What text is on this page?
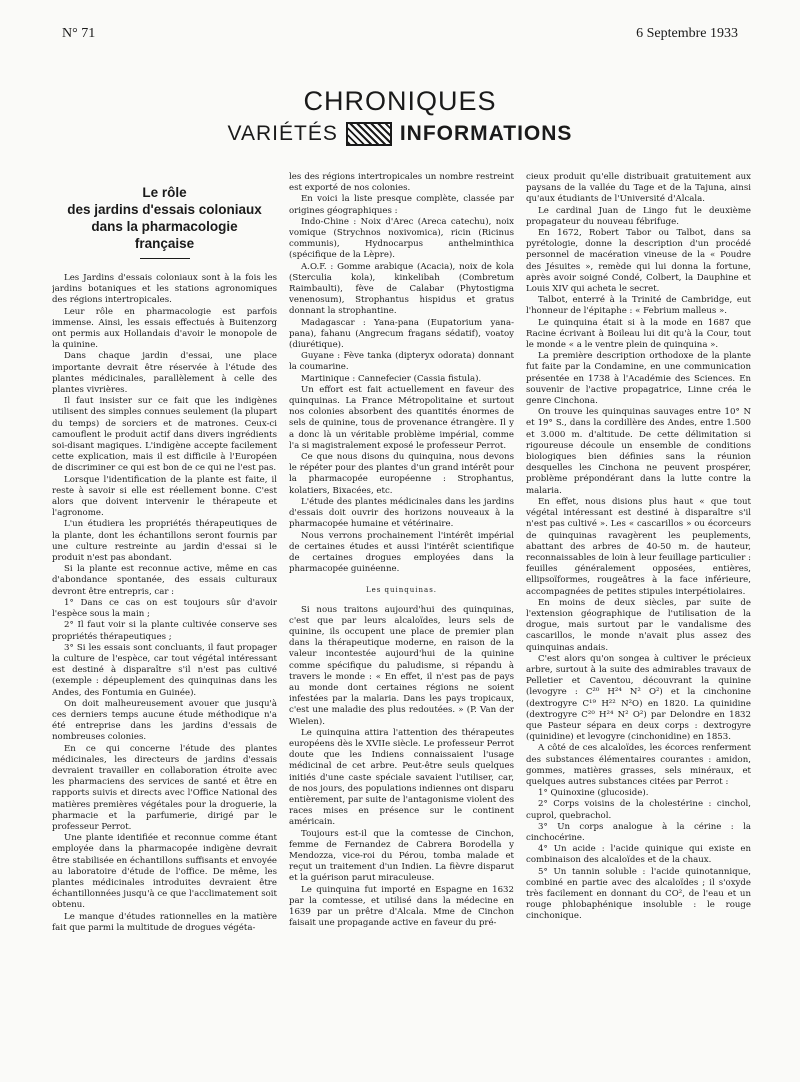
N° 71	6 Septembre 1933
CHRONIQUES
VARIÉTÉS	INFORMATIONS
Le rôle
des jardins d'essais coloniaux
dans la pharmacologie
française

Les Jardins d'essais coloniaux sont à la fois les jardins botaniques et les stations agronomiques des régions intertropicales.

Leur rôle en pharmacologie est parfois immense. Ainsi, les essais effectués à Buitenzorg ont permis aux Hollandais d'avoir le monopole de la quinine.

Dans chaque jardin d'essai, une place importante devrait être réservée à l'étude des plantes médicinales, parallèlement à celle des plantes vivrières.

Il faut insister sur ce fait que les indigènes utilisent des simples connues seulement (la plupart du temps) de sorciers et de matrones. Ceux-ci camouflent le produit actif dans divers ingrédients soi-disant magiques. L'indigène accepte facilement cette explication, mais il est difficile à l'Européen de discriminer ce qui est bon de ce qui ne l'est pas.

Lorsque l'identification de la plante est faite, il reste à savoir si elle est réellement bonne. C'est alors que doivent intervenir le thérapeute et l'agronome.

L'un étudiera les propriétés thérapeutiques de la plante, dont les échantillons seront fournis par une culture restreinte au jardin d'essai si le produit n'est pas abondant.

Si la plante est reconnue active, même en cas d'abondance spontanée, des essais culturaux devront être entrepris, car :

1° Dans ce cas on est toujours sûr d'avoir l'espèce sous la main ;

2° Il faut voir si la plante cultivée conserve ses propriétés thérapeutiques ;

3° Si les essais sont concluants, il faut propager la culture de l'espèce, car tout végétal intéressant est destiné à disparaître s'il n'est pas cultivé (exemple : dépeuplement des quinquinas dans les Andes, des Fontumia en Guinée).

On doit malheureusement avouer que jusqu'à ces derniers temps aucune étude méthodique n'a été entreprise dans les jardins d'essais de nombreuses colonies.

En ce qui concerne l'étude des plantes médicinales, les directeurs de jardins d'essais devraient travailler en collaboration étroite avec les pharmaciens des services de santé et être en rapports suivis et directs avec l'Office National des matières premières végétales pour la droguerie, la pharmacie et la parfumerie, dirigé par le professeur Perrot.

Une plante identifiée et reconnue comme étant employée dans la pharmacopée indigène devrait être stabilisée en échantillons suffisants et envoyée au laboratoire d'étude de l'office. De même, les plantes médicinales introduites devraient être échantillonnées jusqu'à ce que l'acclimatement soit obtenu.

Le manque d'études rationnelles en la matière fait que parmi la multitude de drogues végéta-

les des régions intertropicales un nombre restreint est exporté de nos colonies.

En voici la liste presque complète, classée par origines géographiques :

Indo-Chine : Noix d'Arec (Areca catechu), noix vomique (Strychnos noxivomica), ricin (Ricinus communis), Hydnocarpus anthelminthica (spécifique de la Lèpre).

A.O.F. : Gomme arabique (Acacia), noix de kola (Sterculia kola), kinkelibah (Combretum Raimbaulti), fève de Calabar (Phytostigma venenosum), Strophantus hispidus et gratus donnant la strophantine.

Madagascar : Yana-pana (Eupatorium yana-pana), fahanu (Angrecum fragans sédatif), voatoy (diurétique).

Guyane : Fève tanka (dipteryx odorata) donnant la coumarine.

Martinique : Cannefecier (Cassia fistula).

Un effort est fait actuellement en faveur des quinquinas. La France Métropolitaine et surtout nos colonies absorbent des quantités énormes de sels de quinine, tous de provenance étrangère. Il y a donc là un véritable problème impérial, comme l'a si magistralement exposé le professeur Perrot.

Ce que nous disons du quinquina, nous devons le répéter pour des plantes d'un grand intérêt pour la pharmacopée européenne : Strophantus, kolatiers, Bixacées, etc.

L'étude des plantes médicinales dans les jardins d'essais doit ouvrir des horizons nouveaux à la pharmacopée humaine et vétérinaire.

Nous verrons prochainement l'intérêt impérial de certaines études et aussi l'intérêt scientifique de certaines drogues employées dans la pharmacopée guinéenne.

Les quinquinas.

Si nous traitons aujourd'hui des quinquinas, c'est que par leurs alcaloïdes, leurs sels de quinine, ils occupent une place de premier plan dans la thérapeutique moderne, en raison de la valeur incontestée aujourd'hui de la quinine comme spécifique du paludisme, si répandu à travers le monde : « En effet, il n'est pas de pays au monde dont certaines régions ne soient infestées par la malaria. Dans les pays tropicaux, c'est une maladie des plus redoutées. » (P. Van der Wielen).

Le quinquina attira l'attention des thérapeutes européens dès le XVIIe siècle. Le professeur Perrot doute que les Indiens connaissaient l'usage médicinal de cet arbre. Peut-être seuls quelques initiés d'une caste spéciale savaient l'utiliser, car, de nos jours, des populations indiennes ont disparu entièrement, par suite de l'antagonisme violent des races mises en présence sur le continent américain.

Toujours est-il que la comtesse de Cinchon, femme de Fernandez de Cabrera Borodella y Mendozza, vice-roi du Pérou, tomba malade et reçut un traitement d'un Indien. La fièvre disparut et la guérison parut miraculeuse.

Le quinquina fut importé en Espagne en 1632 par la comtesse, et utilisé dans la médecine en 1639 par un prêtre d'Alcala. Mme de Cinchon faisait une propagande active en faveur du pré-

cieux produit qu'elle distribuait gratuitement aux paysans de la vallée du Tage et de la Tajuna, ainsi qu'aux étudiants de l'Université d'Alcala.

Le cardinal Juan de Lingo fut le deuxième propagateur du nouveau fébrifuge.

En 1672, Robert Tabor ou Talbot, dans sa pyrétologie, donne la description d'un procédé personnel de macération vineuse de la « Poudre des Jésuites », remède qui lui donna la fortune, après avoir soigné Condé, Colbert, la Dauphine et Louis XIV qui acheta le secret.

Talbot, enterré à la Trinité de Cambridge, eut l'honneur de l'épitaphe : « Febrium malleus ».

Le quinquina était si à la mode en 1687 que Racine écrivant à Boileau lui dit qu'à la Cour, tout le monde « a le ventre plein de quinquina ».

La première description orthodoxe de la plante fut faite par la Condamine, en une communication présentée en 1738 à l'Académie des Sciences. En souvenir de l'active propagatrice, Linne créa le genre Cinchona.

On trouve les quinquinas sauvages entre 10° N et 19° S., dans la cordillère des Andes, entre 1.500 et 3.000 m. d'altitude. De cette délimitation si rigoureuse découle un ensemble de conditions biologiques bien définies sans la réunion desquelles les Cinchona ne peuvent prospérer, problème prépondérant dans la lutte contre la malaria.

En effet, nous disions plus haut « que tout végétal intéressant est destiné à disparaître s'il n'est pas cultivé ». Les « cascarillos » ou écorceurs de quinquinas ravagèrent les peuplements, abattant des arbres de 40-50 m. de hauteur, reconnaissables de loin à leur feuillage particulier : feuilles généralement opposées, entières, ellipsoïformes, rougeâtres à la face inférieure, accompagnées de petites stipules interpétiolaires.

En moins de deux siècles, par suite de l'extension géographique de l'utilisation de la drogue, mais surtout par le vandalisme des cascarillos, le monde n'avait plus assez des quinquinas andais.

C'est alors qu'on songea à cultiver le précieux arbre, surtout à la suite des admirables travaux de Pelletier et Caventou, découvrant la quinine (levogyre : C²⁰ H²⁴ N² O²) et la cinchonine (dextrogyre C¹⁹ H²² N²O) en 1820. La quinidine (dextrogyre C²⁰ H²⁴ N² O²) par Delondre en 1832 que Pasteur sépara en deux corps : dextrogyre (quinidine) et levogyre (cinchonidine) en 1853.

A côté de ces alcaloïdes, les écorces renferment des substances élémentaires courantes : amidon, gommes, matières grasses, sels minéraux, et quelques autres substances citées par Perrot :

1° Quinoxine (glucoside).

2° Corps voisins de la cholestérine : cinchol, cuprol, quebrachol.

3° Un corps analogue à la cérine : la cinchocérine.

4° Un acide : l'acide quinique qui existe en combinaison des alcaloïdes et de la chaux.

5° Un tannin soluble : l'acide quinotannique, combiné en partie avec des alcaloïdes ; il s'oxyde très facilement en donnant du CO², de l'eau et un rouge phlobaphénique insoluble : le rouge cinchonique.
